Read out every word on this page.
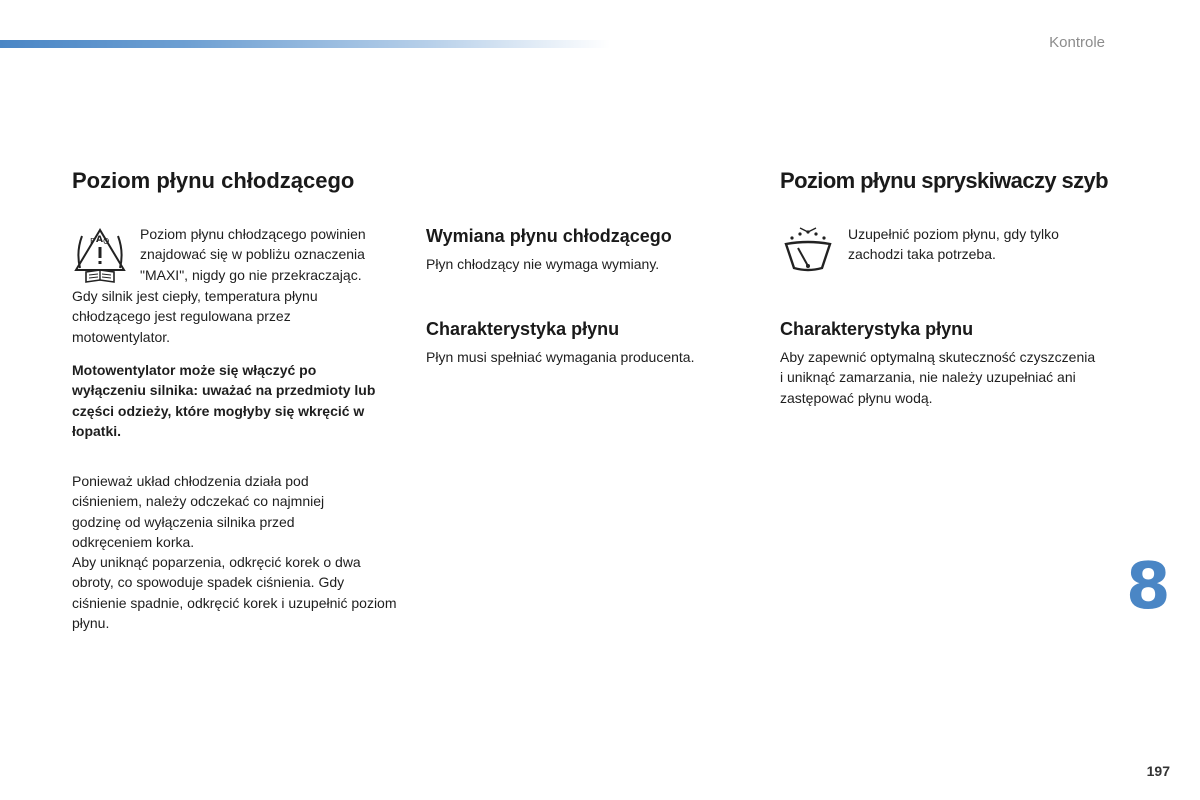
Kontrole
Poziom płynu chłodzącego
F A O Poziom płynu chłodzącego powinien znajdować się w pobliżu oznaczenia "MAXI", nigdy go nie przekraczając.

Gdy silnik jest ciepły, temperatura płynu chłodzącego jest regulowana przez motowentylator.

Motowentylator może się włączyć po wyłączeniu silnika: uważać na przedmioty lub części odzieży, które mogłyby się wkręcić w łopatki.

Ponieważ układ chłodzenia działa pod ciśnieniem, należy odczekać co najmniej godzinę od wyłączenia silnika przed odkręceniem korka.

Aby uniknąć poparzenia, odkręcić korek o dwa obroty, co spowoduje spadek ciśnienia. Gdy ciśnienie spadnie, odkręcić korek i uzupełnić poziom płynu.

Wymiana płynu chłodzącego

Płyn chłodzący nie wymaga wymiany.

Charakterystyka płynu

Płyn musi spełniać wymagania producenta.

Poziom płynu spryskiwaczy szyb

Uzupełnić poziom płynu, gdy tylko zachodzi taka potrzeba.

Charakterystyka płynu

Aby zapewnić optymalną skuteczność czyszczenia i uniknąć zamarzania, nie należy uzupełniać ani zastępować płynu wodą.

8
197
